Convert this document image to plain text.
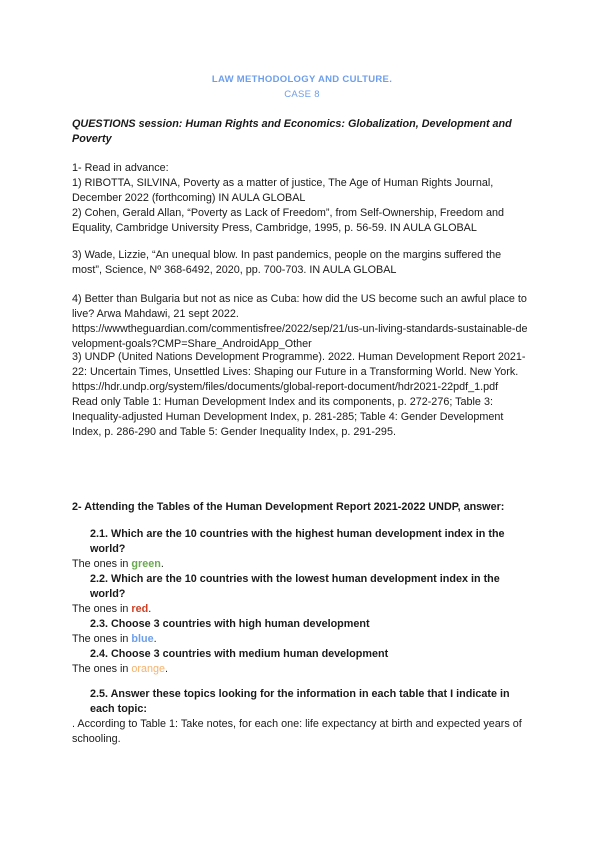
LAW METHODOLOGY AND CULTURE.
CASE 8
QUESTIONS session: Human Rights and Economics: Globalization, Development and Poverty

1- Read in advance:

1) RIBOTTA, SILVINA, Poverty as a matter of justice, The Age of Human Rights Journal, December 2022 (forthcoming) IN AULA GLOBAL

2) Cohen, Gerald Allan, “Poverty as Lack of Freedom”, from Self-Ownership, Freedom and Equality, Cambridge University Press, Cambridge, 1995, p. 56-59. IN AULA GLOBAL

3) Wade, Lizzie, “An unequal blow. In past pandemics, people on the margins suffered the most”, Science, Nº 368-6492, 2020, pp. 700-703. IN AULA GLOBAL

4) Better than Bulgaria but not as nice as Cuba: how did the US become such an awful place to live? Arwa Mahdawi, 21 sept 2022.

https://wwwtheguardian.com/commentisfree/2022/sep/21/us-un-living-standards-sustainable-development-goals?CMP=Share_AndroidApp_Other

3) UNDP (United Nations Development Programme). 2022. Human Development Report 2021-22: Uncertain Times, Unsettled Lives: Shaping our Future in a Transforming World. New York.

https://hdr.undp.org/system/files/documents/global-report-document/hdr2021-22pdf_1.pdf

Read only Table 1: Human Development Index and its components, p. 272-276; Table 3: Inequality-adjusted Human Development Index, p. 281-285; Table 4: Gender Development Index, p. 286-290 and Table 5: Gender Inequality Index, p. 291-295.

2- Attending the Tables of the Human Development Report 2021-2022 UNDP, answer:

2.1. Which are the 10 countries with the highest human development index in the world?

The ones in green.

2.2. Which are the 10 countries with the lowest human development index in the world?

The ones in red.

2.3. Choose 3 countries with high human development

The ones in blue.

2.4. Choose 3 countries with medium human development

The ones in orange.

2.5. Answer these topics looking for the information in each table that I indicate in each topic:

. According to Table 1: Take notes, for each one: life expectancy at birth and expected years of schooling.
